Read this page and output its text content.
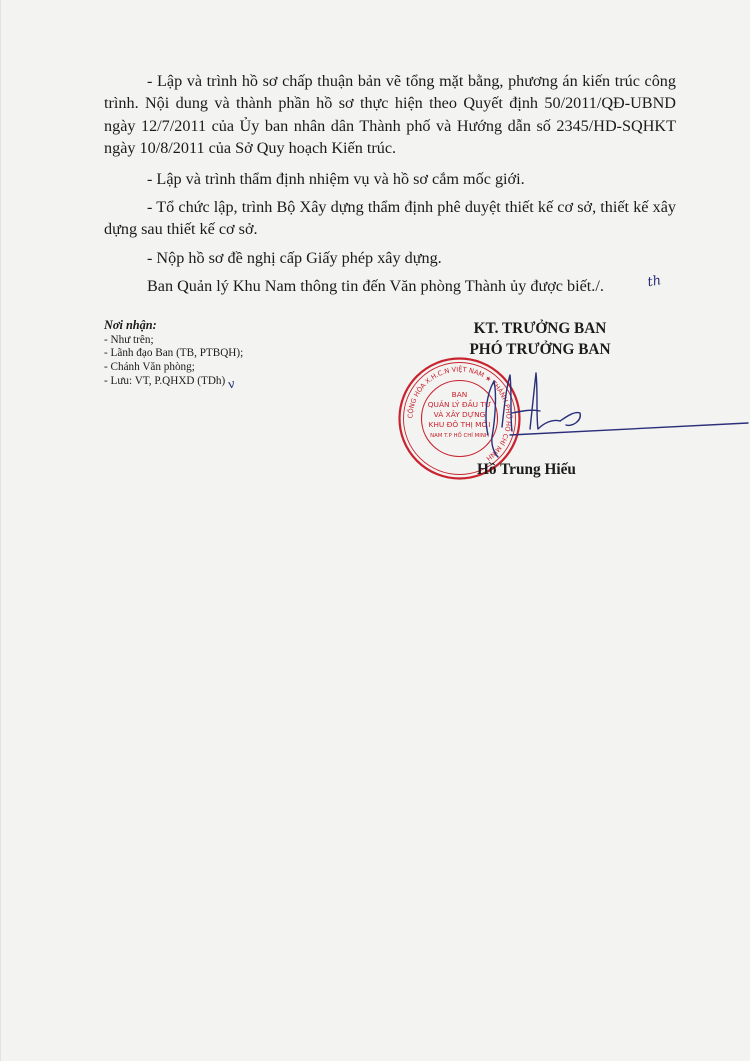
- Lập và trình hồ sơ chấp thuận bản vẽ tổng mặt bằng, phương án kiến trúc công trình. Nội dung và thành phần hồ sơ thực hiện theo Quyết định 50/2011/QĐ-UBND ngày 12/7/2011 của Ủy ban nhân dân Thành phố và Hướng dẫn số 2345/HD-SQHKT ngày 10/8/2011 của Sở Quy hoạch Kiến trúc.

- Lập và trình thẩm định nhiệm vụ và hồ sơ cắm mốc giới.

- Tổ chức lập, trình Bộ Xây dựng thẩm định phê duyệt thiết kế cơ sở, thiết kế xây dựng sau thiết kế cơ sở.

- Nộp hồ sơ đề nghị cấp Giấy phép xây dựng.

Ban Quản lý Khu Nam thông tin đến Văn phòng Thành ủy được biết./.	th

Nơi nhận:
- Như trên;
- Lãnh đạo Ban (TB, PTBQH);
- Chánh Văn phòng;
- Lưu: VT, P.QHXD (TDh)v
KT. TRƯỞNG BAN
PHÓ TRƯỞNG BAN
CỘNG HÒA X.H.C.N VIỆT NAM ★ THÀNH PHỐ HỒ CHÍ MINH
BAN
QUẢN LÝ ĐẦU TƯ
VÀ XÂY DỰNG
KHU ĐÔ THỊ MỚI
NAM T.P HỒ CHÍ MINH
Hồ Trung Hiếu
